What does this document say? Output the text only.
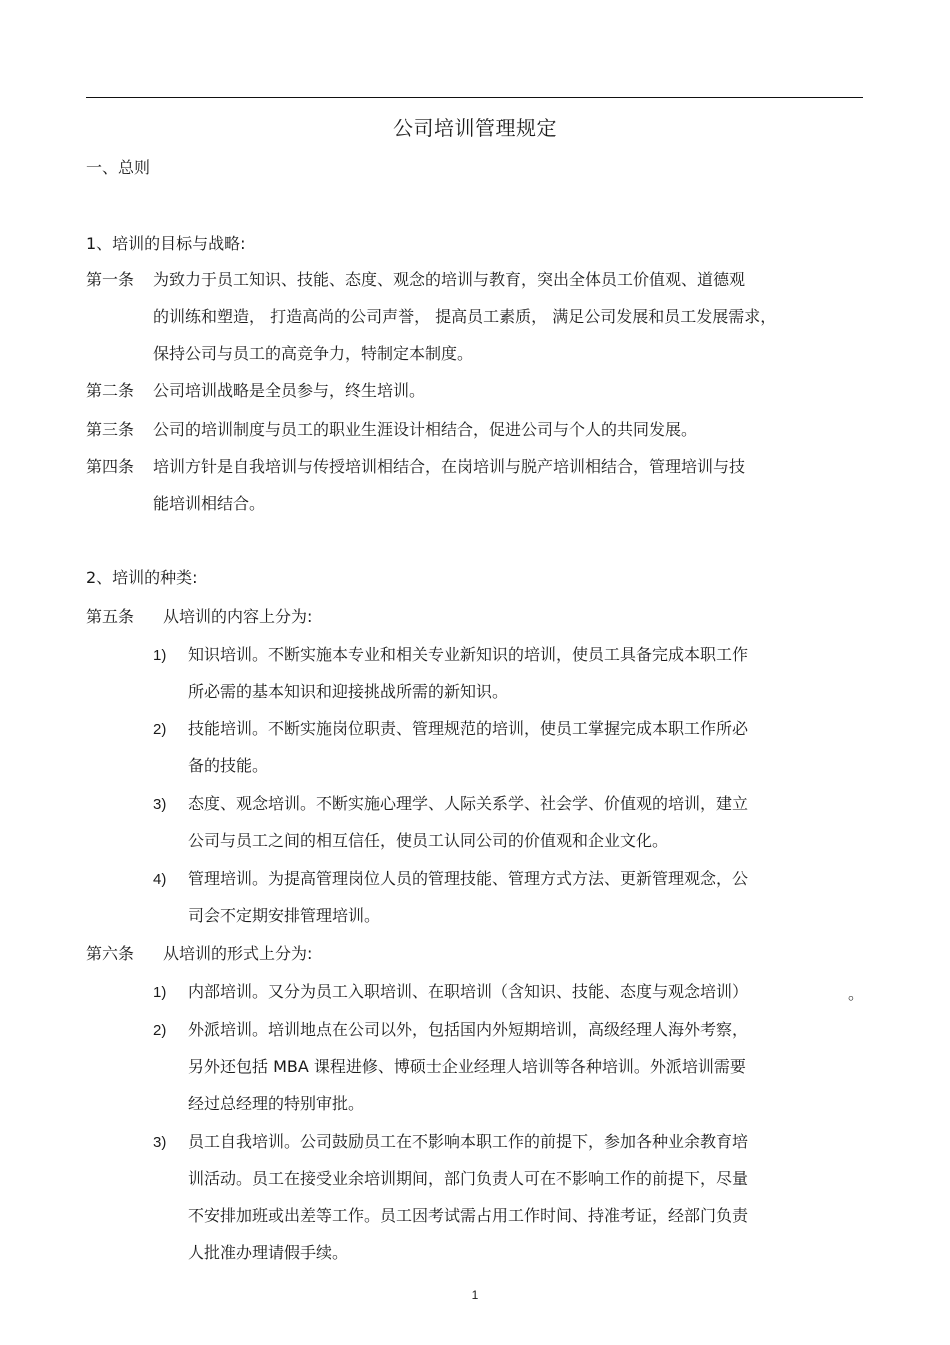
公司培训管理规定
一、总则
1、培训的目标与战略:
第一条 为致力于员工知识、技能、态度、观念的培训与教育，突出全体员工价值观、道德观
的训练和塑造， 打造高尚的公司声誉， 提高员工素质， 满足公司发展和员工发展需求，
保持公司与员工的高竞争力，特制定本制度。
第二条 公司培训战略是全员参与，终生培训。
第三条 公司的培训制度与员工的职业生涯设计相结合，促进公司与个人的共同发展。
第四条 培训方针是自我培训与传授培训相结合，在岗培训与脱产培训相结合，管理培训与技
能培训相结合。
2、培训的种类:
第五条 从培训的内容上分为:
1) 知识培训。不断实施本专业和相关专业新知识的培训，使员工具备完成本职工作
所必需的基本知识和迎接挑战所需的新知识。
2) 技能培训。不断实施岗位职责、管理规范的培训，使员工掌握完成本职工作所必
备的技能。
3) 态度、观念培训。不断实施心理学、人际关系学、社会学、价值观的培训，建立
公司与员工之间的相互信任，使员工认同公司的价值观和企业文化。
4) 管理培训。为提高管理岗位人员的管理技能、管理方式方法、更新管理观念，公
司会不定期安排管理培训。
第六条 从培训的形式上分为:
1) 内部培训。又分为员工入职培训、在职培训（含知识、技能、态度与观念培训）	。
2) 外派培训。培训地点在公司以外，包括国内外短期培训，高级经理人海外考察，
另外还包括 MBA 课程进修、博硕士企业经理人培训等各种培训。外派培训需要
经过总经理的特别审批。
3) 员工自我培训。公司鼓励员工在不影响本职工作的前提下，参加各种业余教育培
训活动。员工在接受业余培训期间，部门负责人可在不影响工作的前提下，尽量
不安排加班或出差等工作。员工因考试需占用工作时间、持准考证，经部门负责
人批准办理请假手续。
1
